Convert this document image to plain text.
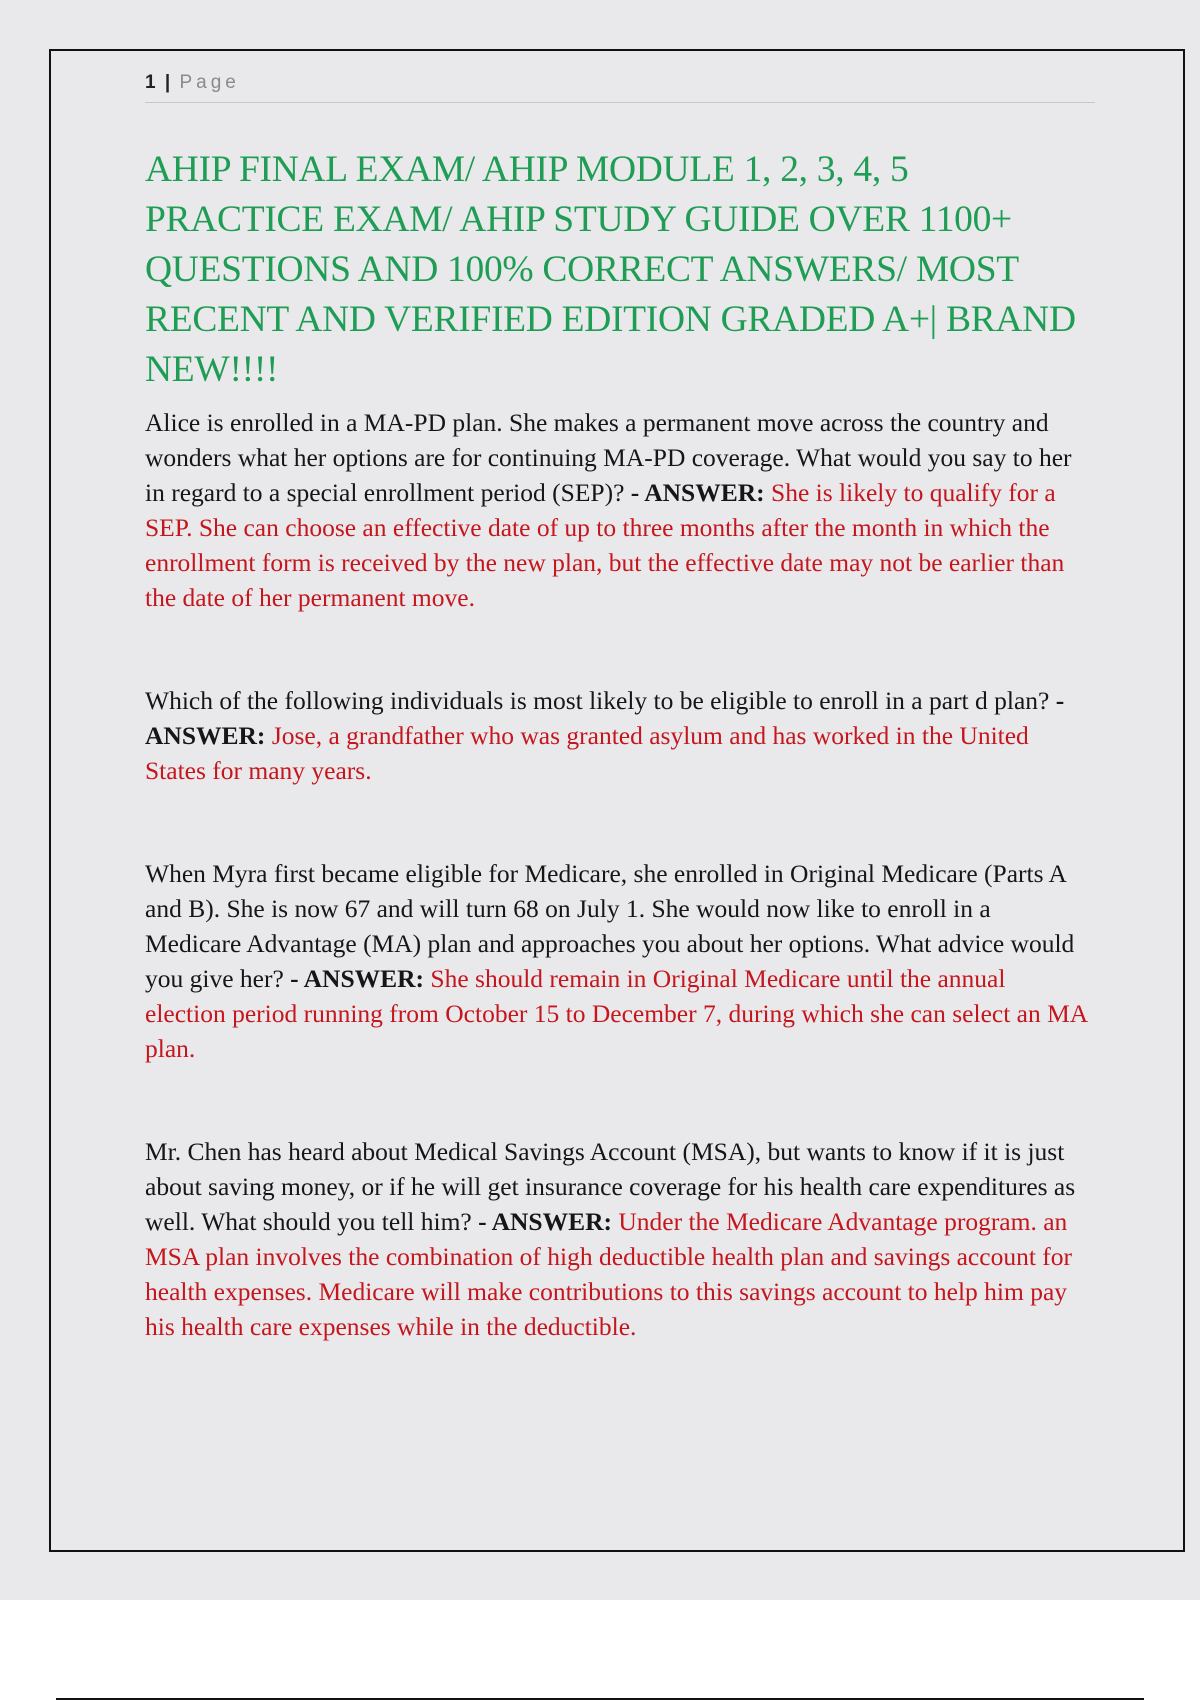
1 | Page
AHIP FINAL EXAM/ AHIP MODULE 1, 2, 3, 4, 5 PRACTICE EXAM/ AHIP STUDY GUIDE OVER 1100+ QUESTIONS AND 100% CORRECT ANSWERS/ MOST RECENT AND VERIFIED EDITION GRADED A+| BRAND NEW!!!!

Alice is enrolled in a MA-PD plan. She makes a permanent move across the country and wonders what her options are for continuing MA-PD coverage. What would you say to her in regard to a special enrollment period (SEP)? - ANSWER: She is likely to qualify for a SEP. She can choose an effective date of up to three months after the month in which the enrollment form is received by the new plan, but the effective date may not be earlier than the date of her permanent move.

Which of the following individuals is most likely to be eligible to enroll in a part d plan? - ANSWER: Jose, a grandfather who was granted asylum and has worked in the United States for many years.

When Myra first became eligible for Medicare, she enrolled in Original Medicare (Parts A and B). She is now 67 and will turn 68 on July 1. She would now like to enroll in a Medicare Advantage (MA) plan and approaches you about her options. What advice would you give her? - ANSWER: She should remain in Original Medicare until the annual election period running from October 15 to December 7, during which she can select an MA plan.

Mr. Chen has heard about Medical Savings Account (MSA), but wants to know if it is just about saving money, or if he will get insurance coverage for his health care expenditures as well. What should you tell him? - ANSWER: Under the Medicare Advantage program. an MSA plan involves the combination of high deductible health plan and savings account for health expenses. Medicare will make contributions to this savings account to help him pay his health care expenses while in the deductible.
